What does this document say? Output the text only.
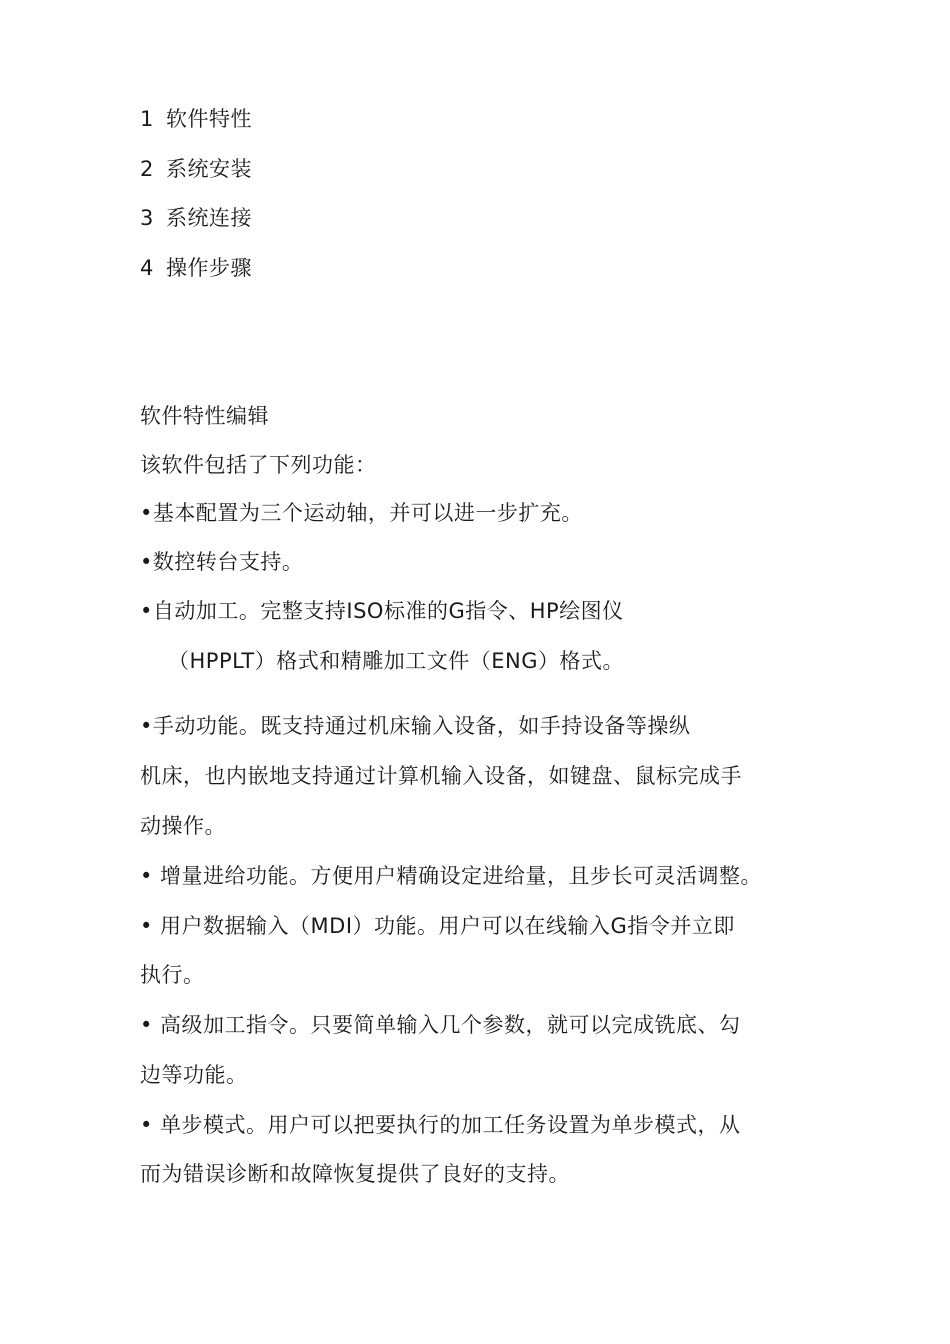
1 软件特性
2 系统安装
3 系统连接
4 操作步骤
软件特性编辑
该软件包括了下列功能：
•基本配置为三个运动轴，并可以进一步扩充。
•数控转台支持。
•自动加工。完整支持ISO标准的G指令、HP绘图仪
（HPPLT）格式和精雕加工文件（ENG）格式。
•手动功能。既支持通过机床输入设备，如手持设备等操纵
机床，也内嵌地支持通过计算机输入设备，如键盘、鼠标完成手
动操作。
• 增量进给功能。方便用户精确设定进给量，且步长可灵活调整。
• 用户数据输入（MDI）功能。用户可以在线输入G指令并立即
执行。
• 高级加工指令。只要简单输入几个参数，就可以完成铣底、勾
边等功能。
• 单步模式。用户可以把要执行的加工任务设置为单步模式，从
而为错误诊断和故障恢复提供了良好的支持。
